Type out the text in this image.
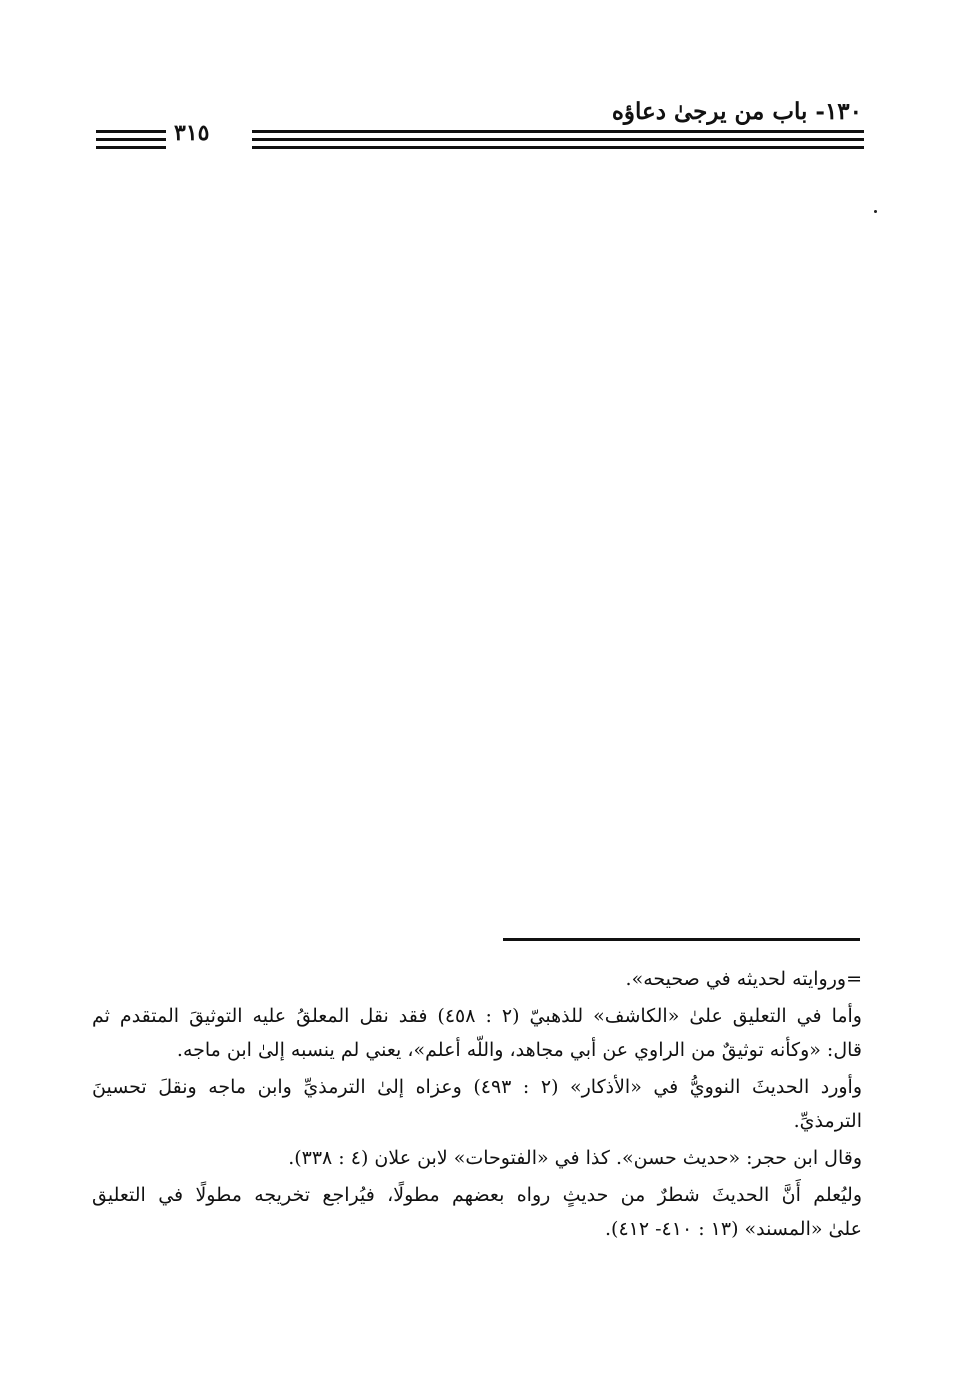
١٣٠- باب من يرجىٰ دعاؤه
٣١٥
=وروايته لحديثه في صحيحه».
وأما في التعليق علىٰ «الكاشف» للذهبيّ (٢ : ٤٥٨) فقد نقل المعلقُ عليه التوثيقَ المتقدم ثم
قال: «وكأنه توثيقٌ من الراوي عن أبي مجاهد، واللّه أعلم»، يعني لم ينسبه إلىٰ ابن ماجه.
وأورد الحديثَ النوويُّ في «الأذكار» (٢ : ٤٩٣) وعزاه إلىٰ الترمذيِّ وابن ماجه ونقلَ تحسينَ
الترمذيِّ.
وقال ابن حجر: «حديث حسن». كذا في «الفتوحات» لابن علان (٤ : ٣٣٨).
وليُعلم أَنَّ الحديثَ شطرٌ من حديثٍ رواه بعضهم مطولًا، فيُراجع تخريجه مطولًا في التعليق
علىٰ «المسند» (١٣ : ٤١٠- ٤١٢).
